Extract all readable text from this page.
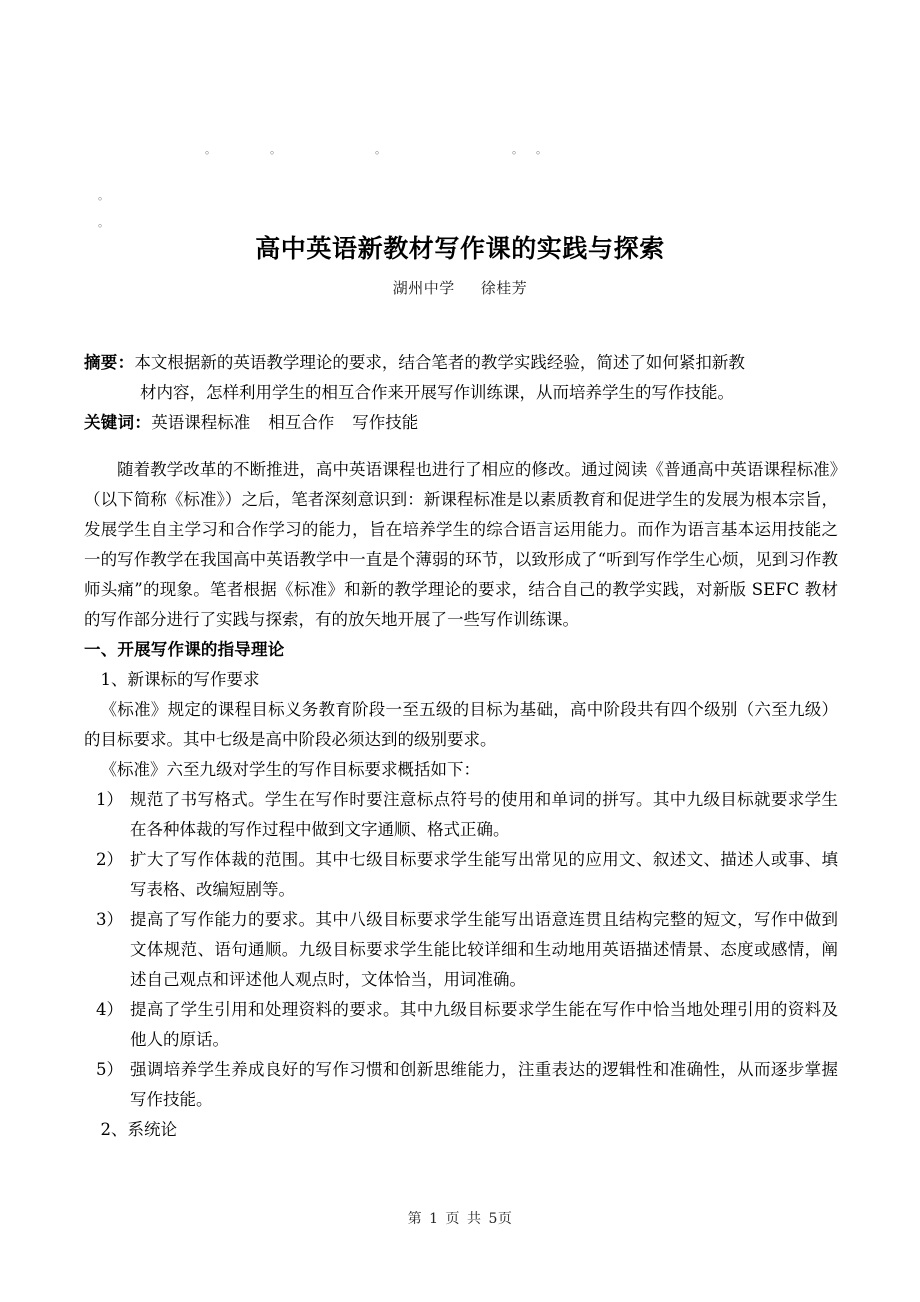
。	。	。	。 。
。
。
高中英语新教材写作课的实践与探索
湖州中学 徐桂芳
摘要：本文根据新的英语教学理论的要求，结合笔者的教学实践经验，简述了如何紧扣新教
材内容，怎样利用学生的相互合作来开展写作训练课，从而培养学生的写作技能。
关键词：英语课程标准 相互合作 写作技能

随着教学改革的不断推进，高中英语课程也进行了相应的修改。通过阅读《普通高中英语课程标准》（以下简称《标准》）之后，笔者深刻意识到：新课程标准是以素质教育和促进学生的发展为根本宗旨，发展学生自主学习和合作学习的能力，旨在培养学生的综合语言运用能力。而作为语言基本运用技能之一的写作教学在我国高中英语教学中一直是个薄弱的环节，以致形成了“听到写作学生心烦，见到习作教师头痛”的现象。笔者根据《标准》和新的教学理论的要求，结合自己的教学实践，对新版 SEFC 教材的写作部分进行了实践与探索，有的放矢地开展了一些写作训练课。

一、开展写作课的指导理论

1、新课标的写作要求

《标准》规定的课程目标义务教育阶段一至五级的目标为基础，高中阶段共有四个级别（六至九级）的目标要求。其中七级是高中阶段必须达到的级别要求。

《标准》六至九级对学生的写作目标要求概括如下：

1） 规范了书写格式。学生在写作时要注意标点符号的使用和单词的拼写。其中九级目标就要求学生在各种体裁的写作过程中做到文字通顺、格式正确。
2） 扩大了写作体裁的范围。其中七级目标要求学生能写出常见的应用文、叙述文、描述人或事、填写表格、改编短剧等。
3） 提高了写作能力的要求。其中八级目标要求学生能写出语意连贯且结构完整的短文，写作中做到文体规范、语句通顺。九级目标要求学生能比较详细和生动地用英语描述情景、态度或感情，阐述自己观点和评述他人观点时，文体恰当，用词准确。
4） 提高了学生引用和处理资料的要求。其中九级目标要求学生能在写作中恰当地处理引用的资料及他人的原话。
5） 强调培养学生养成良好的写作习惯和创新思维能力，注重表达的逻辑性和准确性，从而逐步掌握写作技能。

2、系统论

第 1 页 共 5页
